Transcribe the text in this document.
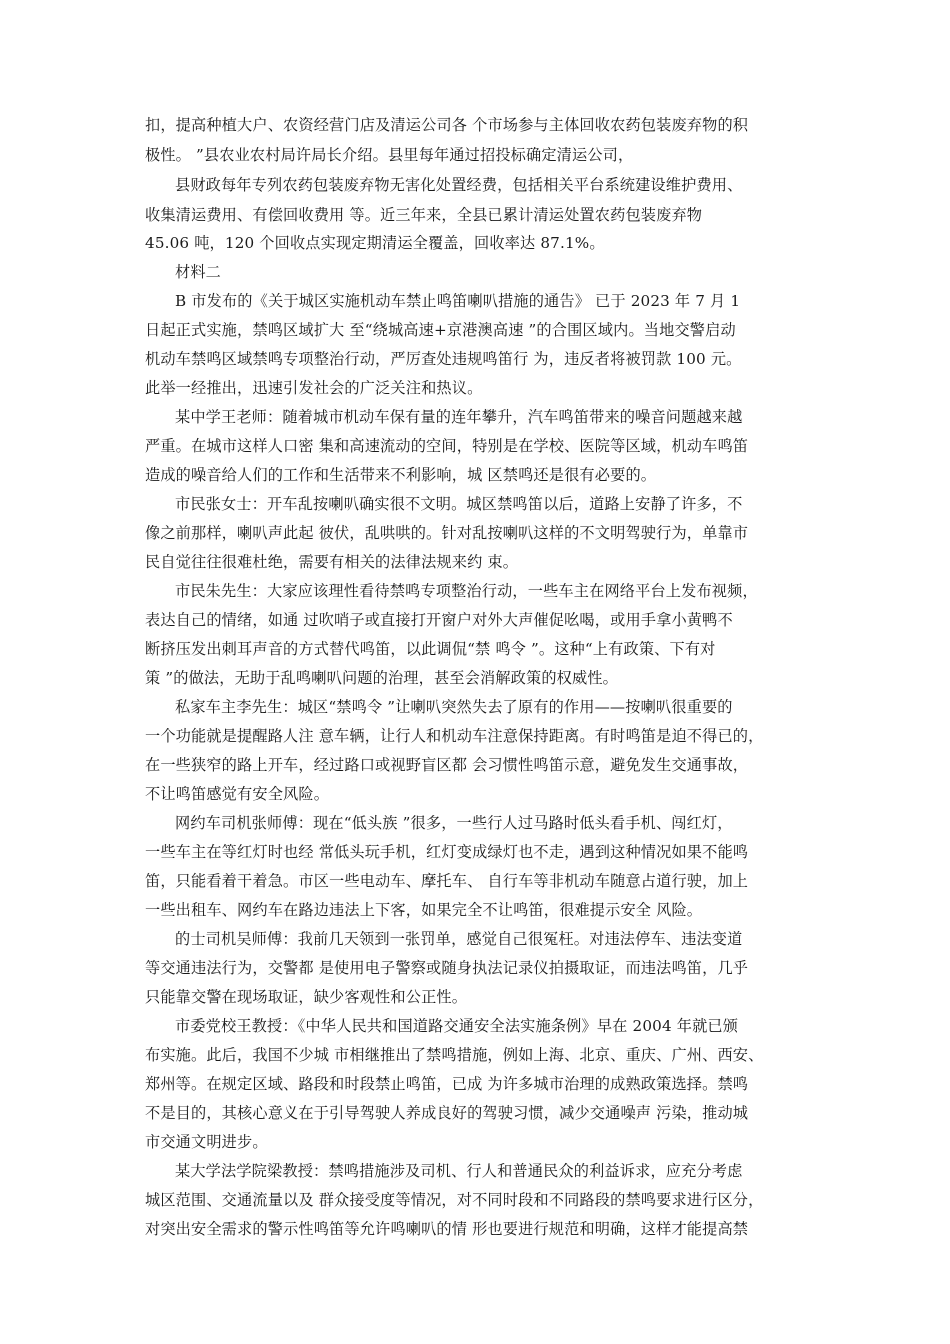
扣，提高种植大户、农资经营门店及清运公司各 个市场参与主体回收农药包装废弃物的积
极性。 ”县农业农村局许局长介绍。县里每年通过招投标确定清运公司，
县财政每年专列农药包装废弃物无害化处置经费，包括相关平台系统建设维护费用、
收集清运费用、有偿回收费用 等。近三年来，全县已累计清运处置农药包装废弃物
45.06 吨，120 个回收点实现定期清运全覆盖，回收率达 87.1%。
材料二
B 市发布的《关于城区实施机动车禁止鸣笛喇叭措施的通告》 已于 2023 年 7 月 1
日起正式实施，禁鸣区域扩大 至“绕城高速+京港澳高速 ”的合围区域内。当地交警启动
机动车禁鸣区域禁鸣专项整治行动，严厉查处违规鸣笛行 为，违反者将被罚款 100 元。
此举一经推出，迅速引发社会的广泛关注和热议。
某中学王老师：随着城市机动车保有量的连年攀升，汽车鸣笛带来的噪音问题越来越
严重。在城市这样人口密 集和高速流动的空间，特别是在学校、医院等区域，机动车鸣笛
造成的噪音给人们的工作和生活带来不利影响，城 区禁鸣还是很有必要的。
市民张女士：开车乱按喇叭确实很不文明。城区禁鸣笛以后，道路上安静了许多，不
像之前那样，喇叭声此起 彼伏，乱哄哄的。针对乱按喇叭这样的不文明驾驶行为，单靠市
民自觉往往很难杜绝，需要有相关的法律法规来约 束。
市民朱先生：大家应该理性看待禁鸣专项整治行动，一些车主在网络平台上发布视频，
表达自己的情绪，如通 过吹哨子或直接打开窗户对外大声催促吆喝，或用手拿小黄鸭不
断挤压发出刺耳声音的方式替代鸣笛，以此调侃“禁 鸣令 ”。这种“上有政策、下有对
策 ”的做法，无助于乱鸣喇叭问题的治理，甚至会消解政策的权威性。
私家车主李先生：城区“禁鸣令 ”让喇叭突然失去了原有的作用——按喇叭很重要的
一个功能就是提醒路人注 意车辆，让行人和机动车注意保持距离。有时鸣笛是迫不得已的，
在一些狭窄的路上开车，经过路口或视野盲区都 会习惯性鸣笛示意，避免发生交通事故，
不让鸣笛感觉有安全风险。
网约车司机张师傅：现在“低头族 ”很多，一些行人过马路时低头看手机、闯红灯，
一些车主在等红灯时也经 常低头玩手机，红灯变成绿灯也不走，遇到这种情况如果不能鸣
笛，只能看着干着急。市区一些电动车、摩托车、 自行车等非机动车随意占道行驶，加上
一些出租车、网约车在路边违法上下客，如果完全不让鸣笛，很难提示安全 风险。
的士司机吴师傅：我前几天领到一张罚单，感觉自己很冤枉。对违法停车、违法变道
等交通违法行为，交警都 是使用电子警察或随身执法记录仪拍摄取证，而违法鸣笛，几乎
只能靠交警在现场取证，缺少客观性和公正性。
市委党校王教授：《中华人民共和国道路交通安全法实施条例》早在 2004 年就已颁
布实施。此后，我国不少城 市相继推出了禁鸣措施，例如上海、北京、重庆、广州、西安、
郑州等。在规定区域、路段和时段禁止鸣笛，已成 为许多城市治理的成熟政策选择。禁鸣
不是目的，其核心意义在于引导驾驶人养成良好的驾驶习惯，减少交通噪声 污染，推动城
市交通文明进步。
某大学法学院梁教授：禁鸣措施涉及司机、行人和普通民众的利益诉求，应充分考虑
城区范围、交通流量以及 群众接受度等情况，对不同时段和不同路段的禁鸣要求进行区分，
对突出安全需求的警示性鸣笛等允许鸣喇叭的情 形也要进行规范和明确，这样才能提高禁
